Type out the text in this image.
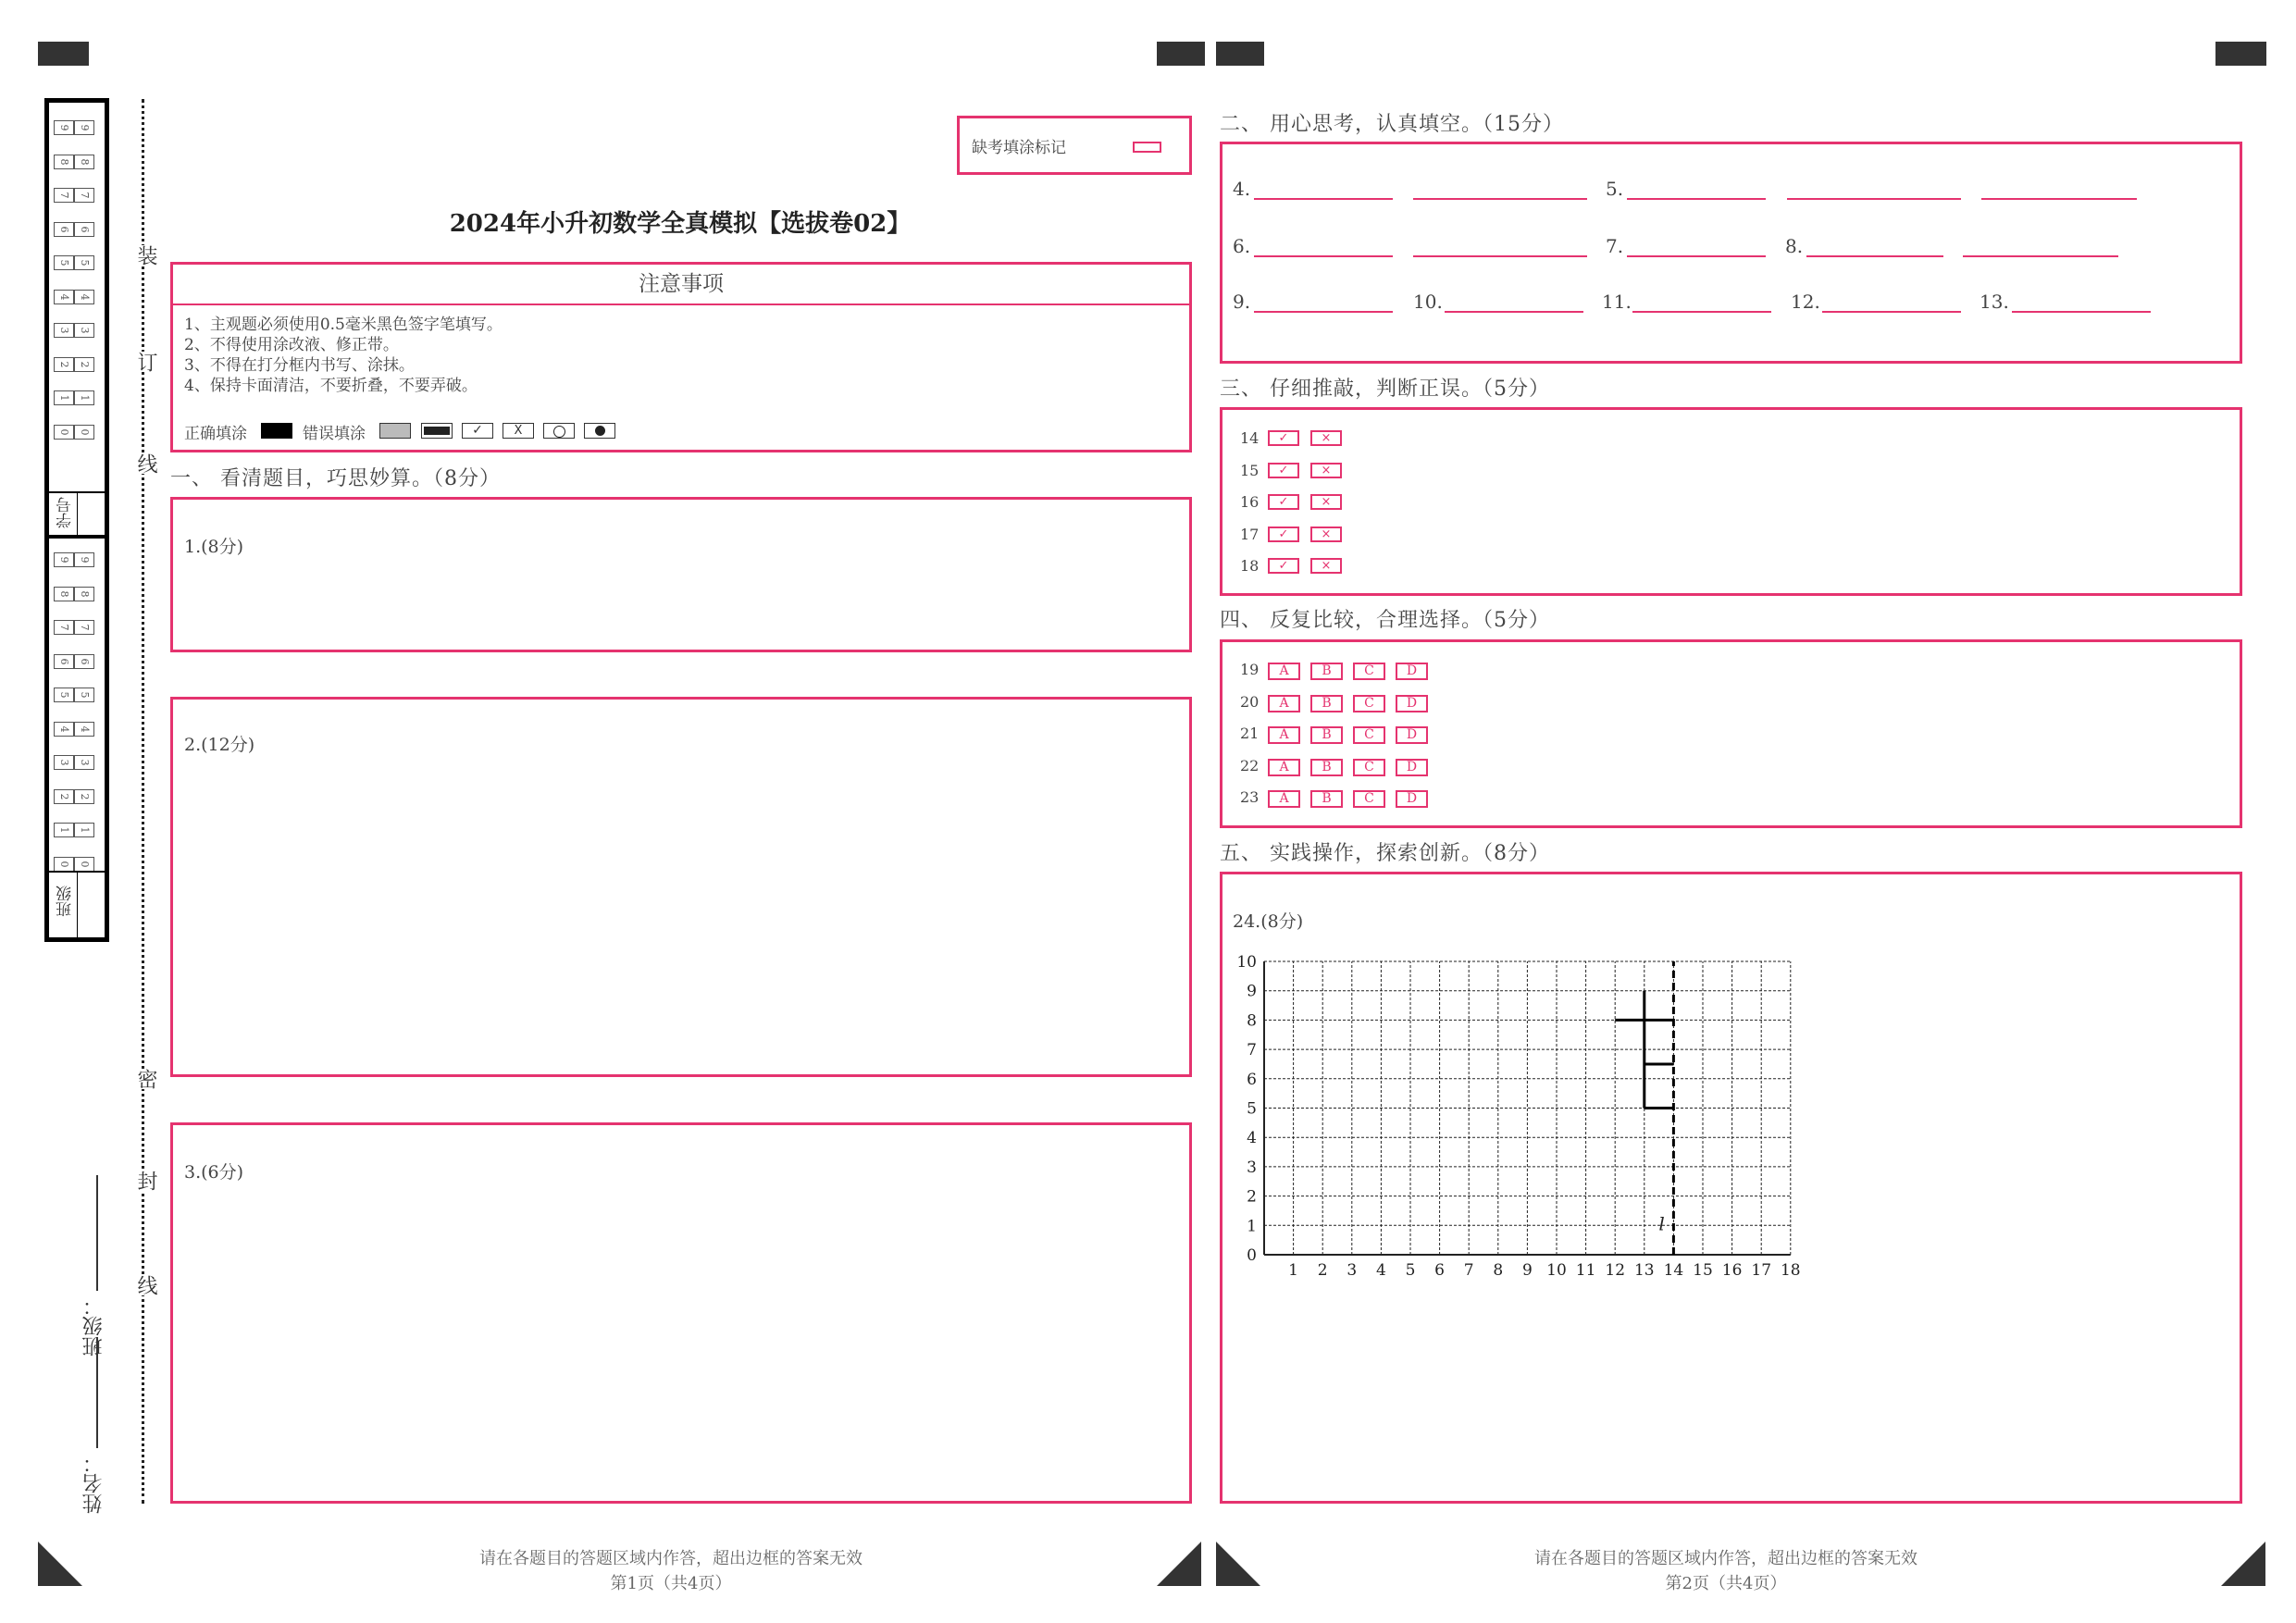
9 9
8 8
7 7
6 6
5 5
4 4
3 3
2 2
1 1
0 0
学号
9 9
8 8
7 7
6 6
5 5
4 4
3 3
2 2
1 1
0 0
班级
姓名：
班级：
装
订
线
密
封
线
缺考填涂标记
2024年小升初数学全真模拟【选拔卷02】
注意事项
1、主观题必须使用0.5毫米黑色签字笔填写。
2、不得使用涂改液、修正带。
3、不得在打分框内书写、涂抹。
4、保持卡面清洁，不要折叠，不要弄破。
正确填涂	错误填涂	✓	X
一、 看清题目，巧思妙算。（8分）
1.(8分)
2.(12分)
3.(6分)
请在各题目的答题区域内作答，超出边框的答案无效
第1页（共4页）
二、 用心思考，认真填空。（15分）
4.	5.
6.	7.	8.
9.	10.	11.	12.	13.
三、 仔细推敲，判断正误。（5分）
14	✓	×
15	✓	×
16	✓	×
17	✓	×
18	✓	×
四、 反复比较，合理选择。（5分）
19	A	B	C	D
20	A	B	C	D
21	A	B	C	D
22	A	B	C	D
23	A	B	C	D
五、 实践操作，探索创新。（8分）
24.(8分)
1 2 3 4 5 6 7 8 9 10 11 12 13 14 15 16 17 18
0
1
2
3
4
5
6
7
8
9
10
l
请在各题目的答题区域内作答，超出边框的答案无效
第2页（共4页）
